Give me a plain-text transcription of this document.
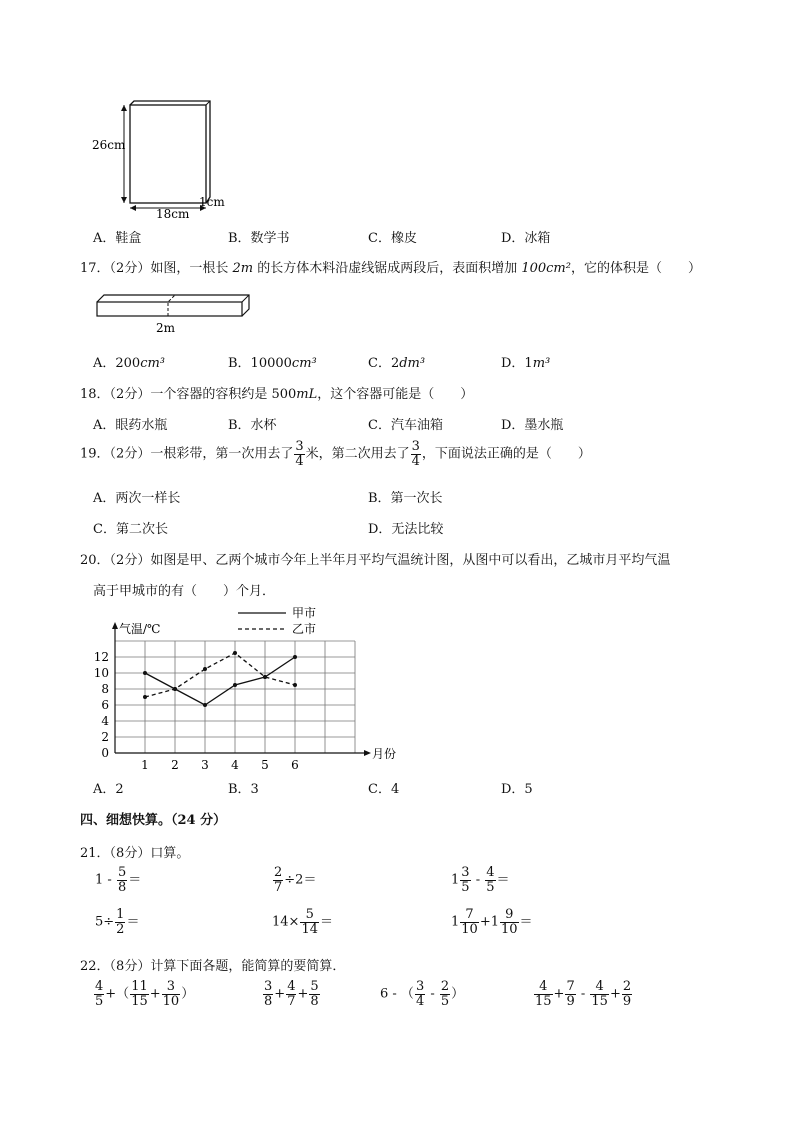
26cm
18cm
1cm
A．鞋盒	B．数学书	C．橡皮	D．冰箱
17．（2分）如图，一根长 2m 的长方体木料沿虚线锯成两段后，表面积增加 100cm²，它的体积是（　　）
2m
A．200cm³	B．10000cm³	C．2dm³	D．1m³
18．（2分）一个容器的容积约是 500mL，这个容器可能是（　　）
A．眼药水瓶	B．水杯	C．汽车油箱	D．墨水瓶
19．（2分）一根彩带，第一次用去了 $\frac{3}{4}$ 米，第二次用去了 $\frac{3}{4}$ ，下面说法正确的是（　　）
A．两次一样长	B．第一次长
C．第二次长	D．无法比较
20．（2分）如图是甲、乙两个城市今年上半年月平均气温统计图，从图中可以看出，乙城市月平均气温
高于甲城市的有（　　）个月．
0
2
4
6
8
10
12
1 2 3 4 5 6
气温/℃
月份
甲市
乙市
A．2	B．3	C．4	D．5
四、细想快算。（24 分）
21．（8分）口算。
$1 - \frac{5}{8}$ ＝	$\frac{2}{7} \div 2=$	$1 \frac{3}{5} - \frac{4}{5}$ ＝
$5\div \frac{1}{2}$ ＝	$14\times \frac{5}{14}$ ＝	$1 \frac{7}{10} +1 \frac{9}{10}$ ＝
22．（8分）计算下面各题，能简算的要简算．
$\frac{4}{5}$ +（ $\frac{11}{15} + \frac{3}{10}$ ）	$\frac{3}{8} + \frac{4}{7} + \frac{5}{8}$	6 - （ $\frac{3}{4} - \frac{2}{5}$ ）	$\frac{4}{15} + \frac{7}{9} - \frac{4}{15} + \frac{2}{9}$
